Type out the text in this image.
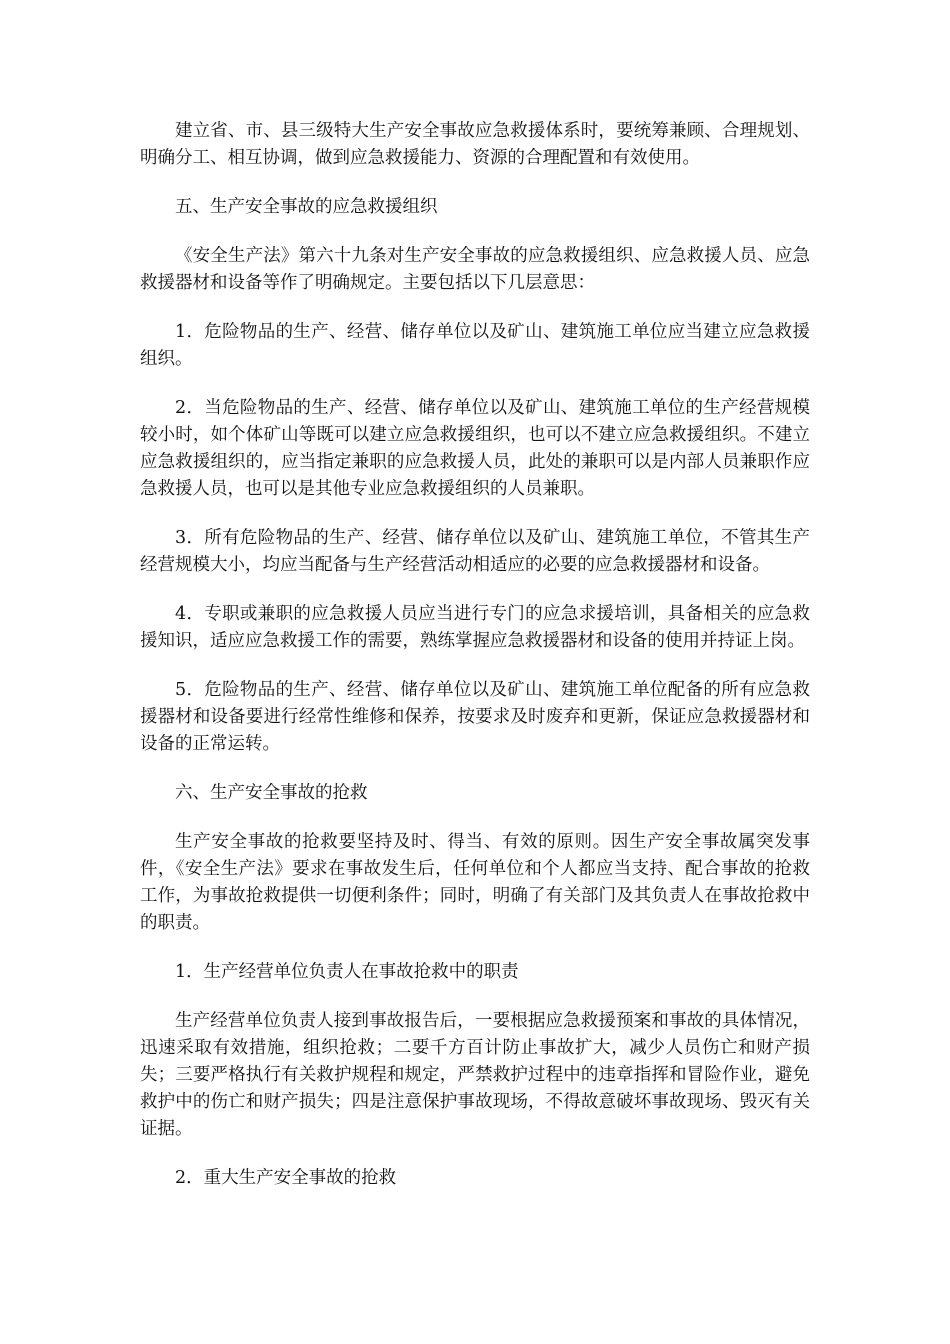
建立省、市、县三级特大生产安全事故应急救援体系时，要统筹兼顾、合理规划、明确分工、相互协调，做到应急救援能力、资源的合理配置和有效使用。

五、生产安全事故的应急救援组织

《安全生产法》第六十九条对生产安全事故的应急救援组织、应急救援人员、应急救援器材和设备等作了明确规定。主要包括以下几层意思：

1．危险物品的生产、经营、储存单位以及矿山、建筑施工单位应当建立应急救援组织。

2．当危险物品的生产、经营、储存单位以及矿山、建筑施工单位的生产经营规模较小时，如个体矿山等既可以建立应急救援组织，也可以不建立应急救援组织。不建立应急救援组织的，应当指定兼职的应急救援人员，此处的兼职可以是内部人员兼职作应急救援人员，也可以是其他专业应急救援组织的人员兼职。

3．所有危险物品的生产、经营、储存单位以及矿山、建筑施工单位，不管其生产经营规模大小，均应当配备与生产经营活动相适应的必要的应急救援器材和设备。

4．专职或兼职的应急救援人员应当进行专门的应急求援培训，具备相关的应急救援知识，适应应急救援工作的需要，熟练掌握应急救援器材和设备的使用并持证上岗。

5．危险物品的生产、经营、储存单位以及矿山、建筑施工单位配备的所有应急救援器材和设备要进行经常性维修和保养，按要求及时废弃和更新，保证应急救援器材和设备的正常运转。

六、生产安全事故的抢救

生产安全事故的抢救要坚持及时、得当、有效的原则。因生产安全事故属突发事件，《安全生产法》要求在事故发生后，任何单位和个人都应当支持、配合事故的抢救工作，为事故抢救提供一切便利条件；同时，明确了有关部门及其负责人在事故抢救中的职责。

1．生产经营单位负责人在事故抢救中的职责

生产经营单位负责人接到事故报告后，一要根据应急救援预案和事故的具体情况，迅速采取有效措施，组织抢救；二要千方百计防止事故扩大，减少人员伤亡和财产损失；三要严格执行有关救护规程和规定，严禁救护过程中的违章指挥和冒险作业，避免救护中的伤亡和财产损失；四是注意保护事故现场，不得故意破坏事故现场、毁灭有关证据。

2．重大生产安全事故的抢救
